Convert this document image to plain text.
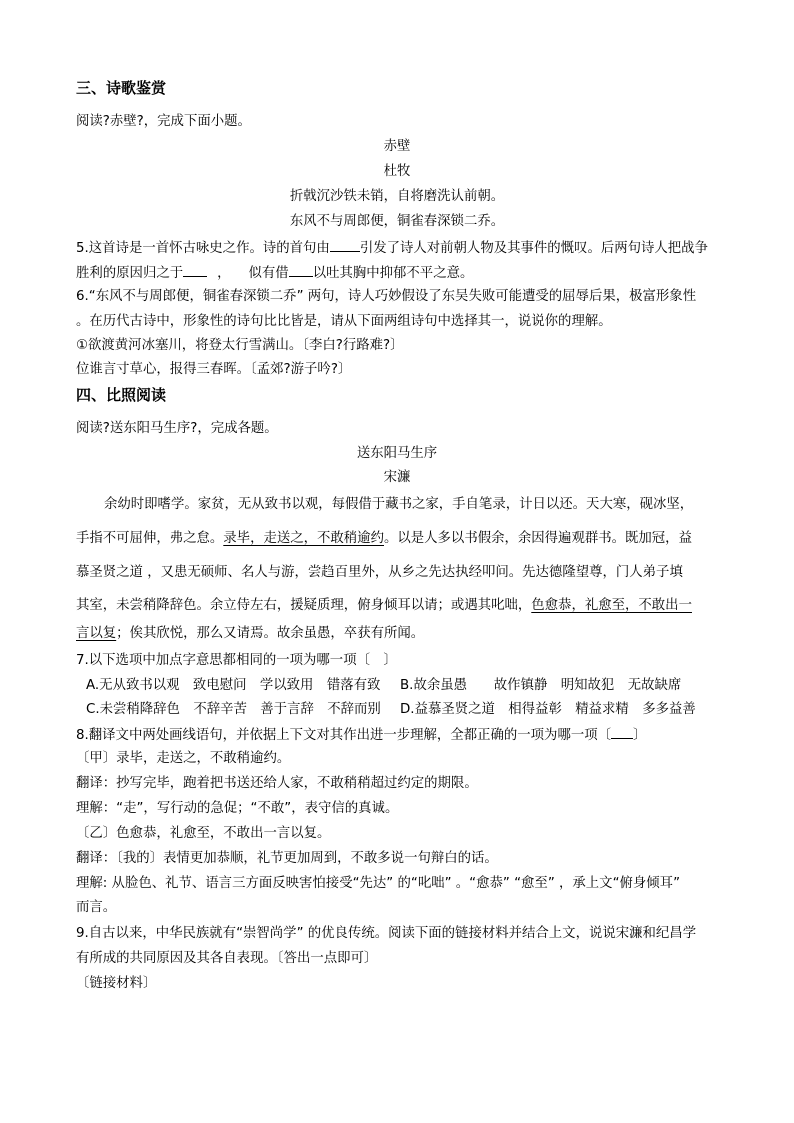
三、诗歌鉴赏
阅读?赤壁?，完成下面小题。
赤壁
杜牧
折戟沉沙铁未销，自将磨洗认前朝。
东风不与周郎便，铜雀春深锁二乔。
5.这首诗是一首怀古咏史之作。诗的首句由 引发了诗人对前朝人物及其事件的慨叹。后两句诗人把战争
胜利的原因归之于	， 似有借 以吐其胸中抑郁不平之意。
6.“东风不与周郎便，铜雀春深锁二乔” 两句，诗人巧妙假设了东吴失败可能遭受的屈辱后果，极富形象性
。在历代古诗中，形象性的诗句比比皆是，请从下面两组诗句中选择其一，说说你的理解。
①欲渡黄河冰塞川，将登太行雪满山。〔李白?行路难?〕
位谁言寸草心，报得三春晖。〔孟郊?游子吟?〕
四、比照阅读
阅读?送东阳马生序?，完成各题。
送东阳马生序
宋濂
余幼时即嗜学。家贫，无从致书以观，每假借于藏书之家，手自笔录，计日以还。天大寒，砚冰坚，
手指不可屈伸，弗之怠。录毕，走送之，不敢稍逾约。以是人多以书假余，余因得遍观群书。既加冠，益
慕圣贤之道 ，又患无硕师、名人与游，尝趋百里外，从乡之先达执经叩问。先达德隆望尊，门人弟子填
其室，未尝稍降辞色。余立侍左右，援疑质理，俯身倾耳以请；或遇其叱咄，色愈恭，礼愈至，不敢出一
言以复；俟其欣悦，那么又请焉。故余虽愚，卒获有所闻。
7.以下选项中加点字意思都相同的一项为哪一项〔　〕
A.无从致书以观　致电慰问　学以致用　错落有致 B.故余虽愚　　故作镇静　明知故犯　无故缺席
C.未尝稍降辞色　不辞辛苦　善于言辞　不辞而别 D.益慕圣贤之道　相得益彰　精益求精　多多益善
8.翻译文中两处画线语句，并依据上下文对其作出进一步理解，全都正确的一项为哪一项〔 〕
〔甲〕录毕，走送之，不敢稍逾约。
翻译：抄写完毕，跑着把书送还给人家，不敢稍稍超过约定的期限。
理解：“走”，写行动的急促；“不敢”，表守信的真诚。
〔乙〕色愈恭，礼愈至，不敢出一言以复。
翻译：〔我的〕表情更加恭顺，礼节更加周到，不敢多说一句辩白的话。
理解: 从脸色、礼节、语言三方面反映害怕接受“先达” 的“叱咄” 。“愈恭” “愈至” ，承上文“俯身倾耳”
而言。
9.自古以来，中华民族就有“崇智尚学” 的优良传统。阅读下面的链接材料并结合上文，说说宋濂和纪昌学
有所成的共同原因及其各自表现。〔答出一点即可〕
〔链接材料〕
